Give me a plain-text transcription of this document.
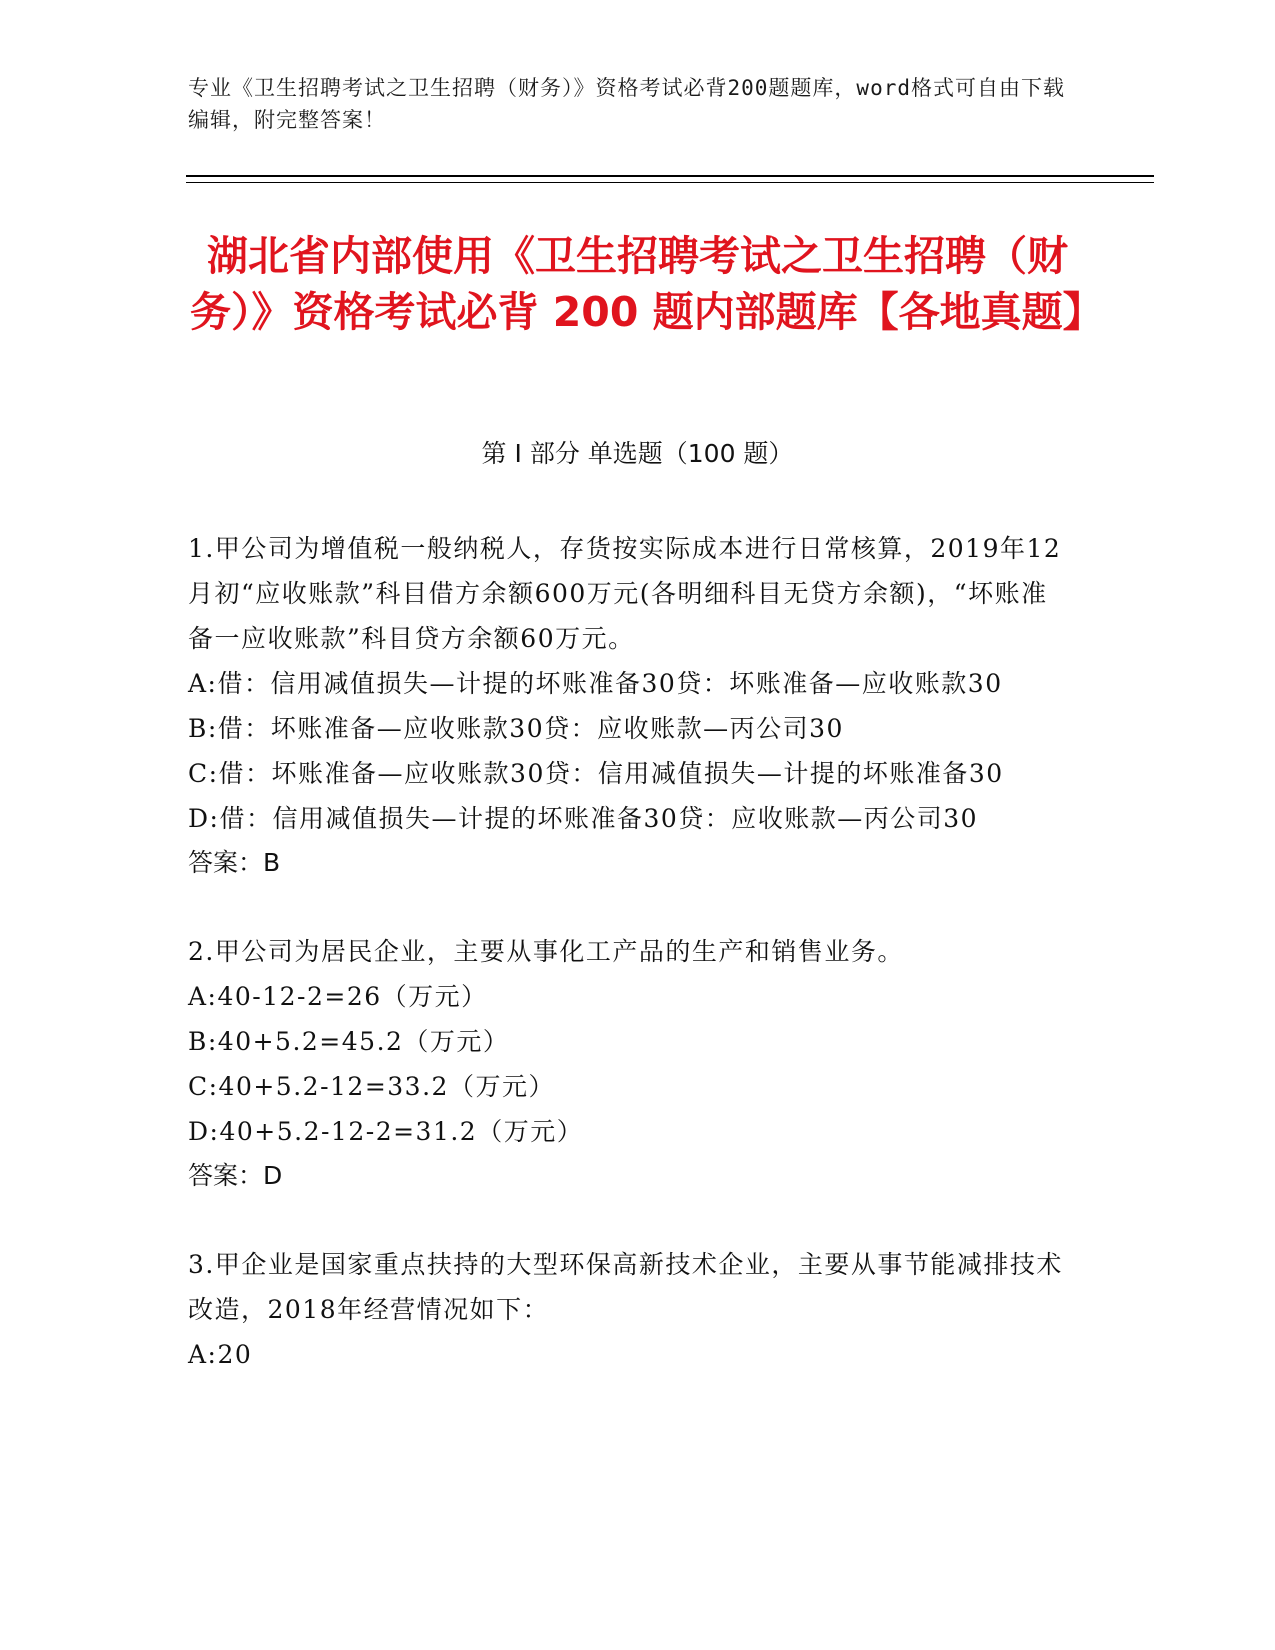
专业《卫生招聘考试之卫生招聘（财务）》资格考试必背200题题库，word格式可自由下载编辑，附完整答案！
湖北省内部使用《卫生招聘考试之卫生招聘（财务）》资格考试必背 200 题内部题库【各地真题】
第 I 部分 单选题（100 题）

1.甲公司为增值税一般纳税人，存货按实际成本进行日常核算，2019年12月初“应收账款”科目借方余额600万元(各明细科目无贷方余额)，“坏账准备一应收账款”科目贷方余额60万元。

A:借：信用减值损失—计提的坏账准备30贷：坏账准备—应收账款30

B:借：坏账准备—应收账款30贷：应收账款—丙公司30

C:借：坏账准备—应收账款30贷：信用减值损失—计提的坏账准备30

D:借：信用减值损失—计提的坏账准备30贷：应收账款—丙公司30

答案：B

2.甲公司为居民企业，主要从事化工产品的生产和销售业务。

A:40-12-2=26（万元）

B:40+5.2=45.2（万元）

C:40+5.2-12=33.2（万元）

D:40+5.2-12-2=31.2（万元）

答案：D

3.甲企业是国家重点扶持的大型环保高新技术企业，主要从事节能减排技术改造，2018年经营情况如下：

A:20
